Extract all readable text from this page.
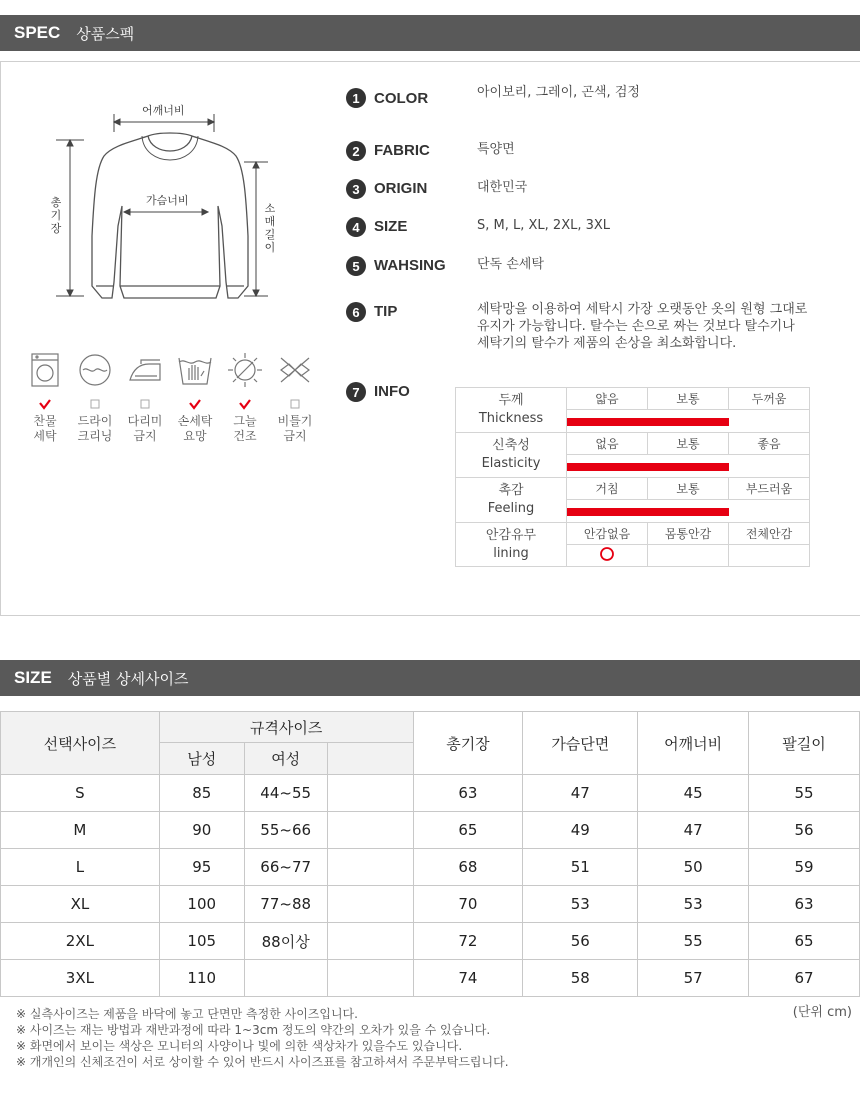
SPEC 상품스펙
어깨너비
가슴너비
총기장
소매길이
찬물
세탁
드라이
크리닝
다리미
금지
손세탁
요망
그늘
건조
비틀기
금지
1 COLOR	아이보리, 그레이, 곤색, 검정
2 FABRIC	특양면
3 ORIGIN	대한민국
4 SIZE	S, M, L, XL, 2XL, 3XL
5 WAHSING	단독 손세탁
6 TIP	세탁망을 이용하여 세탁시 가장 오랫동안 옷의 원형 그대로
유지가 가능합니다. 탈수는 손으로 짜는 것보다 탈수기나
세탁기의 탈수가 제품의 손상을 최소화합니다.
7 INFO
두께
Thickness	얇음	보통	두꺼움

신축성
Elasticity	없음	보통	좋음

촉감
Feeling	거침	보통	부드러움

안감유무
lining	안감없음	몸통안감	전체안감

SIZE 상품별 상세사이즈
선택사이즈	규격사이즈			총기장	가슴단면	어깨너비	팔길이
	남성	여성					
S	85	44~55		63	47	45	55
M	90	55~66		65	49	47	56
L	95	66~77		68	51	50	59
XL	100	77~88		70	53	53	63
2XL	105	88이상		72	56	55	65
3XL	110			74	58	57	67
(단위 cm)
※ 실측사이즈는 제품을 바닥에 놓고 단면만 측정한 사이즈입니다.
※ 사이즈는 재는 방법과 재반과정에 따라 1~3cm 정도의 약간의 오차가 있을 수 있습니다.
※ 화면에서 보이는 색상은 모니터의 사양이나 빛에 의한 색상차가 있을수도 있습니다.
※ 개개인의 신체조건이 서로 상이할 수 있어 반드시 사이즈표를 참고하셔서 주문부탁드립니다.
